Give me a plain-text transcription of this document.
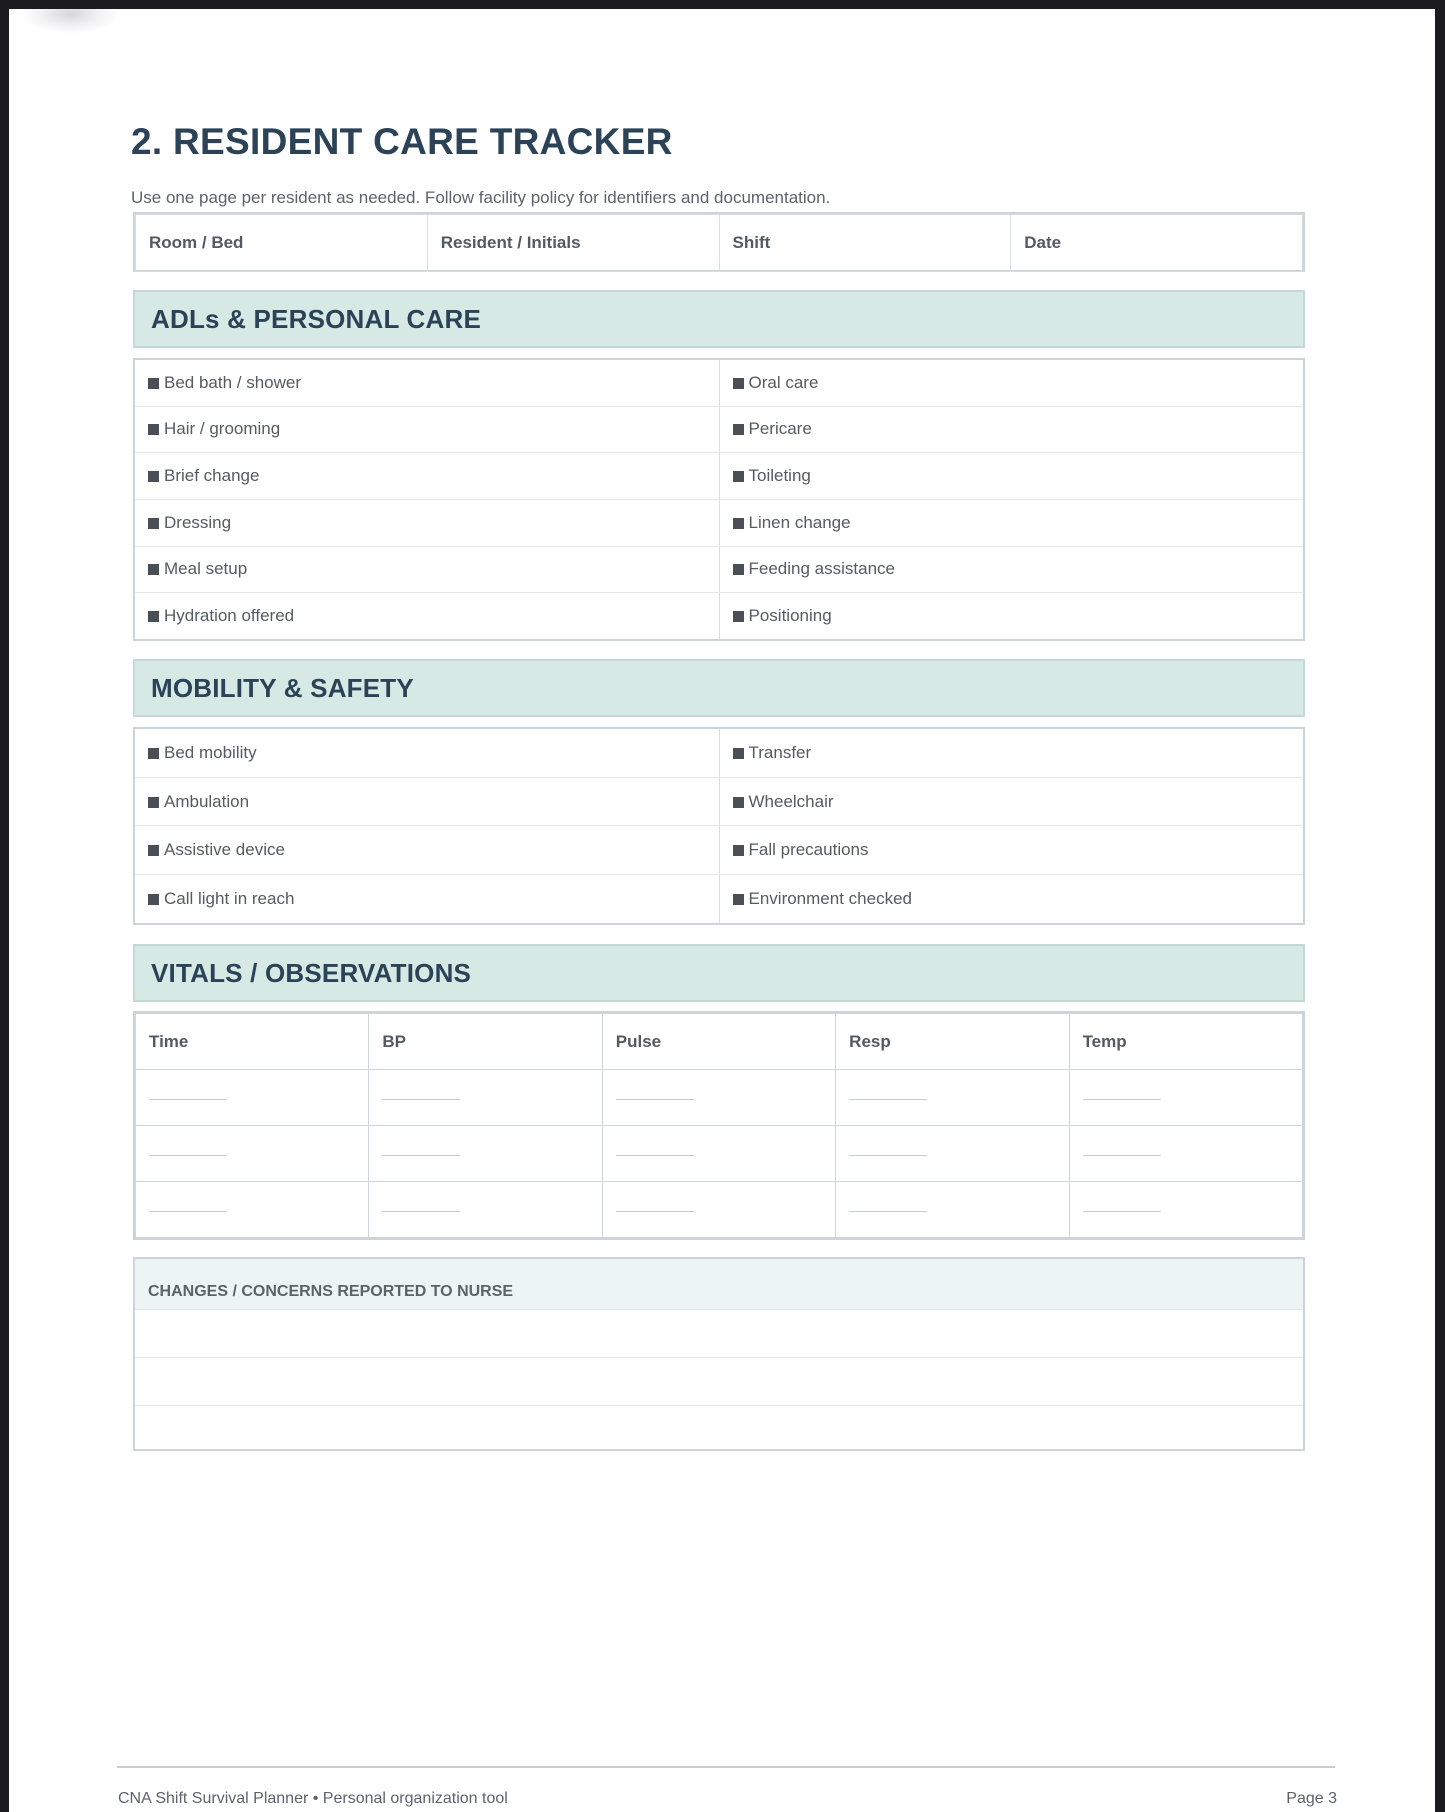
2. RESIDENT CARE TRACKER
Use one page per resident as needed. Follow facility policy for identifiers and documentation.
Room / Bed	Resident / Initials	Shift	Date
ADLs & PERSONAL CARE
Bed bath / shower	Oral care
Hair / grooming	Pericare
Brief change	Toileting
Dressing	Linen change
Meal setup	Feeding assistance
Hydration offered	Positioning
MOBILITY & SAFETY
Bed mobility	Transfer
Ambulation	Wheelchair
Assistive device	Fall precautions
Call light in reach	Environment checked
VITALS / OBSERVATIONS
Time	BP	Pulse	Resp	Temp

CHANGES / CONCERNS REPORTED TO NURSE
CNA Shift Survival Planner • Personal organization tool	Page 3
